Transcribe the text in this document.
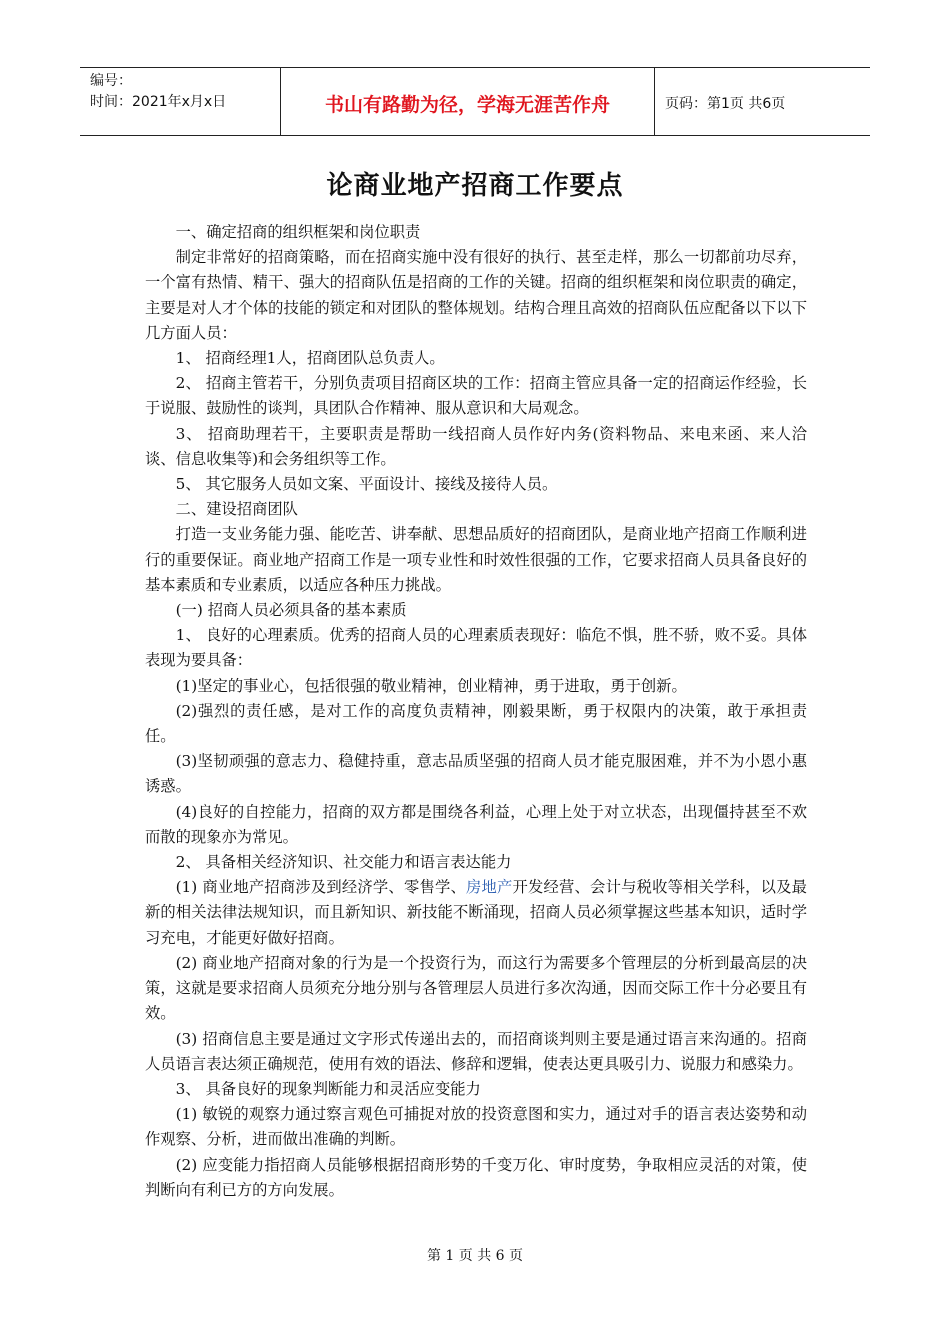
编号：
时间：2021年x月x日	书山有路勤为径，学海无涯苦作舟	页码：第1页 共6页
论商业地产招商工作要点

一、确定招商的组织框架和岗位职责

制定非常好的招商策略，而在招商实施中没有很好的执行、甚至走样，那么一切都前功尽弃，一个富有热情、精干、强大的招商队伍是招商的工作的关键。招商的组织框架和岗位职责的确定，主要是对人才个体的技能的锁定和对团队的整体规划。结构合理且高效的招商队伍应配备以下以下几方面人员：

1、 招商经理1人，招商团队总负责人。

2、 招商主管若干，分别负责项目招商区块的工作：招商主管应具备一定的招商运作经验，长于说服、鼓励性的谈判，具团队合作精神、服从意识和大局观念。

3、 招商助理若干，主要职责是帮助一线招商人员作好内务(资料物品、来电来函、来人洽谈、信息收集等)和会务组织等工作。

5、 其它服务人员如文案、平面设计、接线及接待人员。

二、建设招商团队

打造一支业务能力强、能吃苦、讲奉献、思想品质好的招商团队，是商业地产招商工作顺利进行的重要保证。商业地产招商工作是一项专业性和时效性很强的工作，它要求招商人员具备良好的基本素质和专业素质，以适应各种压力挑战。

(一) 招商人员必须具备的基本素质

1、 良好的心理素质。优秀的招商人员的心理素质表现好：临危不惧，胜不骄，败不妥。具体表现为要具备：

(1)坚定的事业心，包括很强的敬业精神，创业精神，勇于进取，勇于创新。

(2)强烈的责任感，是对工作的高度负责精神，刚毅果断，勇于权限内的决策，敢于承担责任。

(3)坚韧顽强的意志力、稳健持重，意志品质坚强的招商人员才能克服困难，并不为小恩小惠诱惑。

(4)良好的自控能力，招商的双方都是围绕各利益，心理上处于对立状态，出现僵持甚至不欢而散的现象亦为常见。

2、 具备相关经济知识、社交能力和语言表达能力

(1) 商业地产招商涉及到经济学、零售学、房地产开发经营、会计与税收等相关学科，以及最新的相关法律法规知识，而且新知识、新技能不断涌现，招商人员必须掌握这些基本知识，适时学习充电，才能更好做好招商。

(2) 商业地产招商对象的行为是一个投资行为，而这行为需要多个管理层的分析到最高层的决策，这就是要求招商人员须充分地分别与各管理层人员进行多次沟通，因而交际工作十分必要且有效。

(3) 招商信息主要是通过文字形式传递出去的，而招商谈判则主要是通过语言来沟通的。招商人员语言表达须正确规范，使用有效的语法、修辞和逻辑，使表达更具吸引力、说服力和感染力。

3、 具备良好的现象判断能力和灵活应变能力

(1) 敏锐的观察力通过察言观色可捕捉对放的投资意图和实力，通过对手的语言表达姿势和动作观察、分析，进而做出准确的判断。

(2) 应变能力指招商人员能够根据招商形势的千变万化、审时度势，争取相应灵活的对策，使判断向有利已方的方向发展。

第 1 页 共 6 页
